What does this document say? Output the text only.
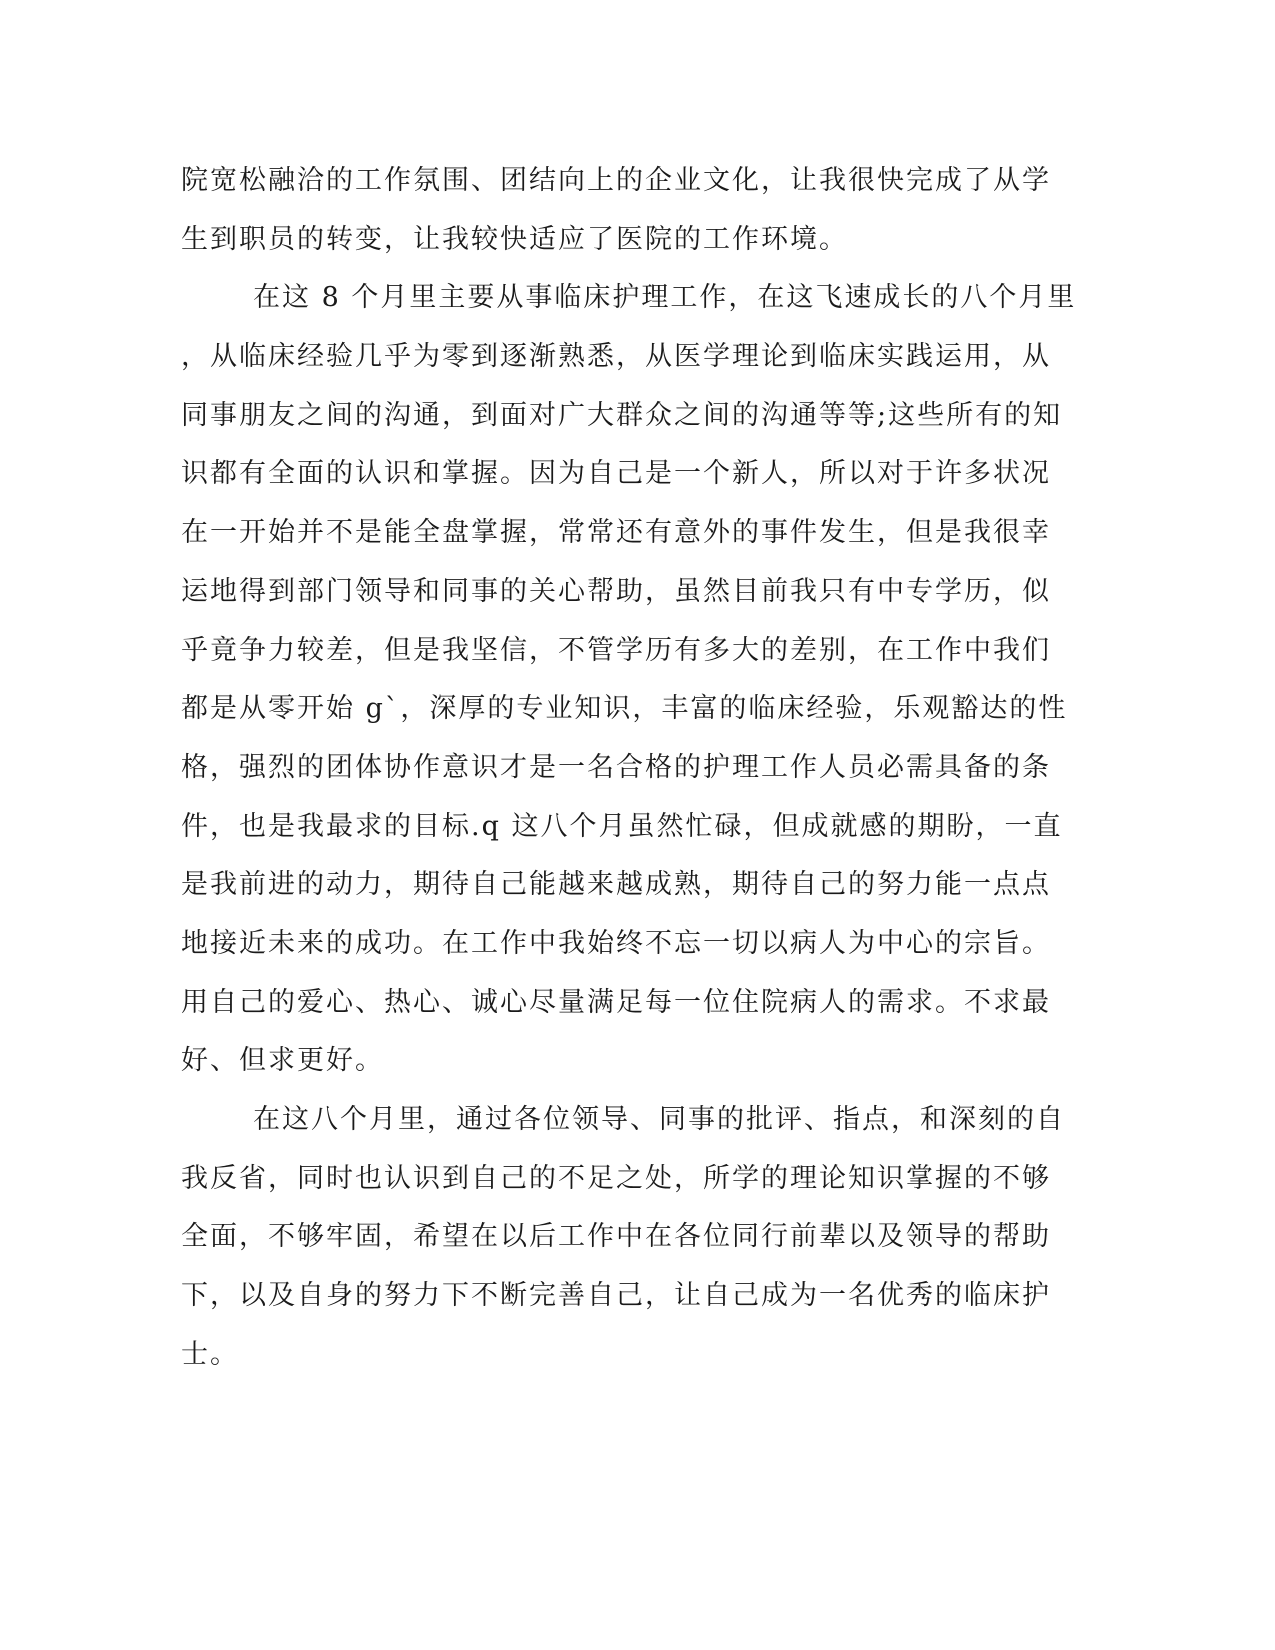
院宽松融洽的工作氛围、团结向上的企业文化，让我很快完成了从学
生到职员的转变，让我较快适应了医院的工作环境。
在这 8 个月里主要从事临床护理工作，在这飞速成长的八个月里
，从临床经验几乎为零到逐渐熟悉，从医学理论到临床实践运用，从
同事朋友之间的沟通，到面对广大群众之间的沟通等等;这些所有的知
识都有全面的认识和掌握。因为自己是一个新人，所以对于许多状况
在一开始并不是能全盘掌握，常常还有意外的事件发生，但是我很幸
运地得到部门领导和同事的关心帮助，虽然目前我只有中专学历，似
乎竟争力较差，但是我坚信，不管学历有多大的差别，在工作中我们
都是从零开始 g`，深厚的专业知识，丰富的临床经验，乐观豁达的性
格，强烈的团体协作意识才是一名合格的护理工作人员必需具备的条
件，也是我最求的目标.q 这八个月虽然忙碌，但成就感的期盼，一直
是我前进的动力，期待自己能越来越成熟，期待自己的努力能一点点
地接近未来的成功。在工作中我始终不忘一切以病人为中心的宗旨。
用自己的爱心、热心、诚心尽量满足每一位住院病人的需求。不求最
好、但求更好。
在这八个月里，通过各位领导、同事的批评、指点，和深刻的自
我反省，同时也认识到自己的不足之处，所学的理论知识掌握的不够
全面，不够牢固，希望在以后工作中在各位同行前辈以及领导的帮助
下，以及自身的努力下不断完善自己，让自己成为一名优秀的临床护
士。
